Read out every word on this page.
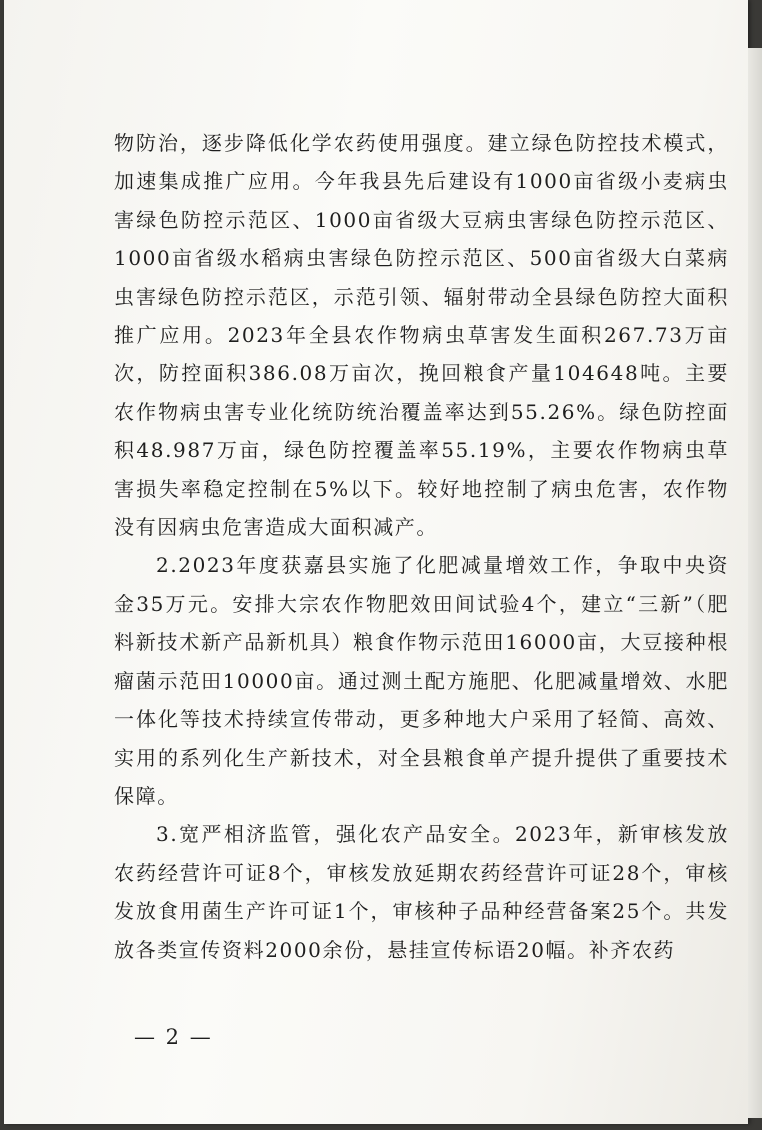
物防治，逐步降低化学农药使用强度。建立绿色防控技术模式，加速集成推广应用。今年我县先后建设有1000亩省级小麦病虫害绿色防控示范区、1000亩省级大豆病虫害绿色防控示范区、1000亩省级水稻病虫害绿色防控示范区、500亩省级大白菜病虫害绿色防控示范区，示范引领、辐射带动全县绿色防控大面积推广应用。2023年全县农作物病虫草害发生面积267.73万亩次，防控面积386.08万亩次，挽回粮食产量104648吨。主要农作物病虫害专业化统防统治覆盖率达到55.26%。绿色防控面积48.987万亩，绿色防控覆盖率55.19%，主要农作物病虫草害损失率稳定控制在5%以下。较好地控制了病虫危害，农作物没有因病虫危害造成大面积减产。

2.2023年度获嘉县实施了化肥减量增效工作，争取中央资金35万元。安排大宗农作物肥效田间试验4个，建立“三新”（肥料新技术新产品新机具）粮食作物示范田16000亩，大豆接种根瘤菌示范田10000亩。通过测土配方施肥、化肥减量增效、水肥一体化等技术持续宣传带动，更多种地大户采用了轻简、高效、实用的系列化生产新技术，对全县粮食单产提升提供了重要技术保障。

3.宽严相济监管，强化农产品安全。2023年，新审核发放农药经营许可证8个，审核发放延期农药经营许可证28个，审核发放食用菌生产许可证1个，审核种子品种经营备案25个。共发放各类宣传资料2000余份，悬挂宣传标语20幅。补齐农药

— 2 —
